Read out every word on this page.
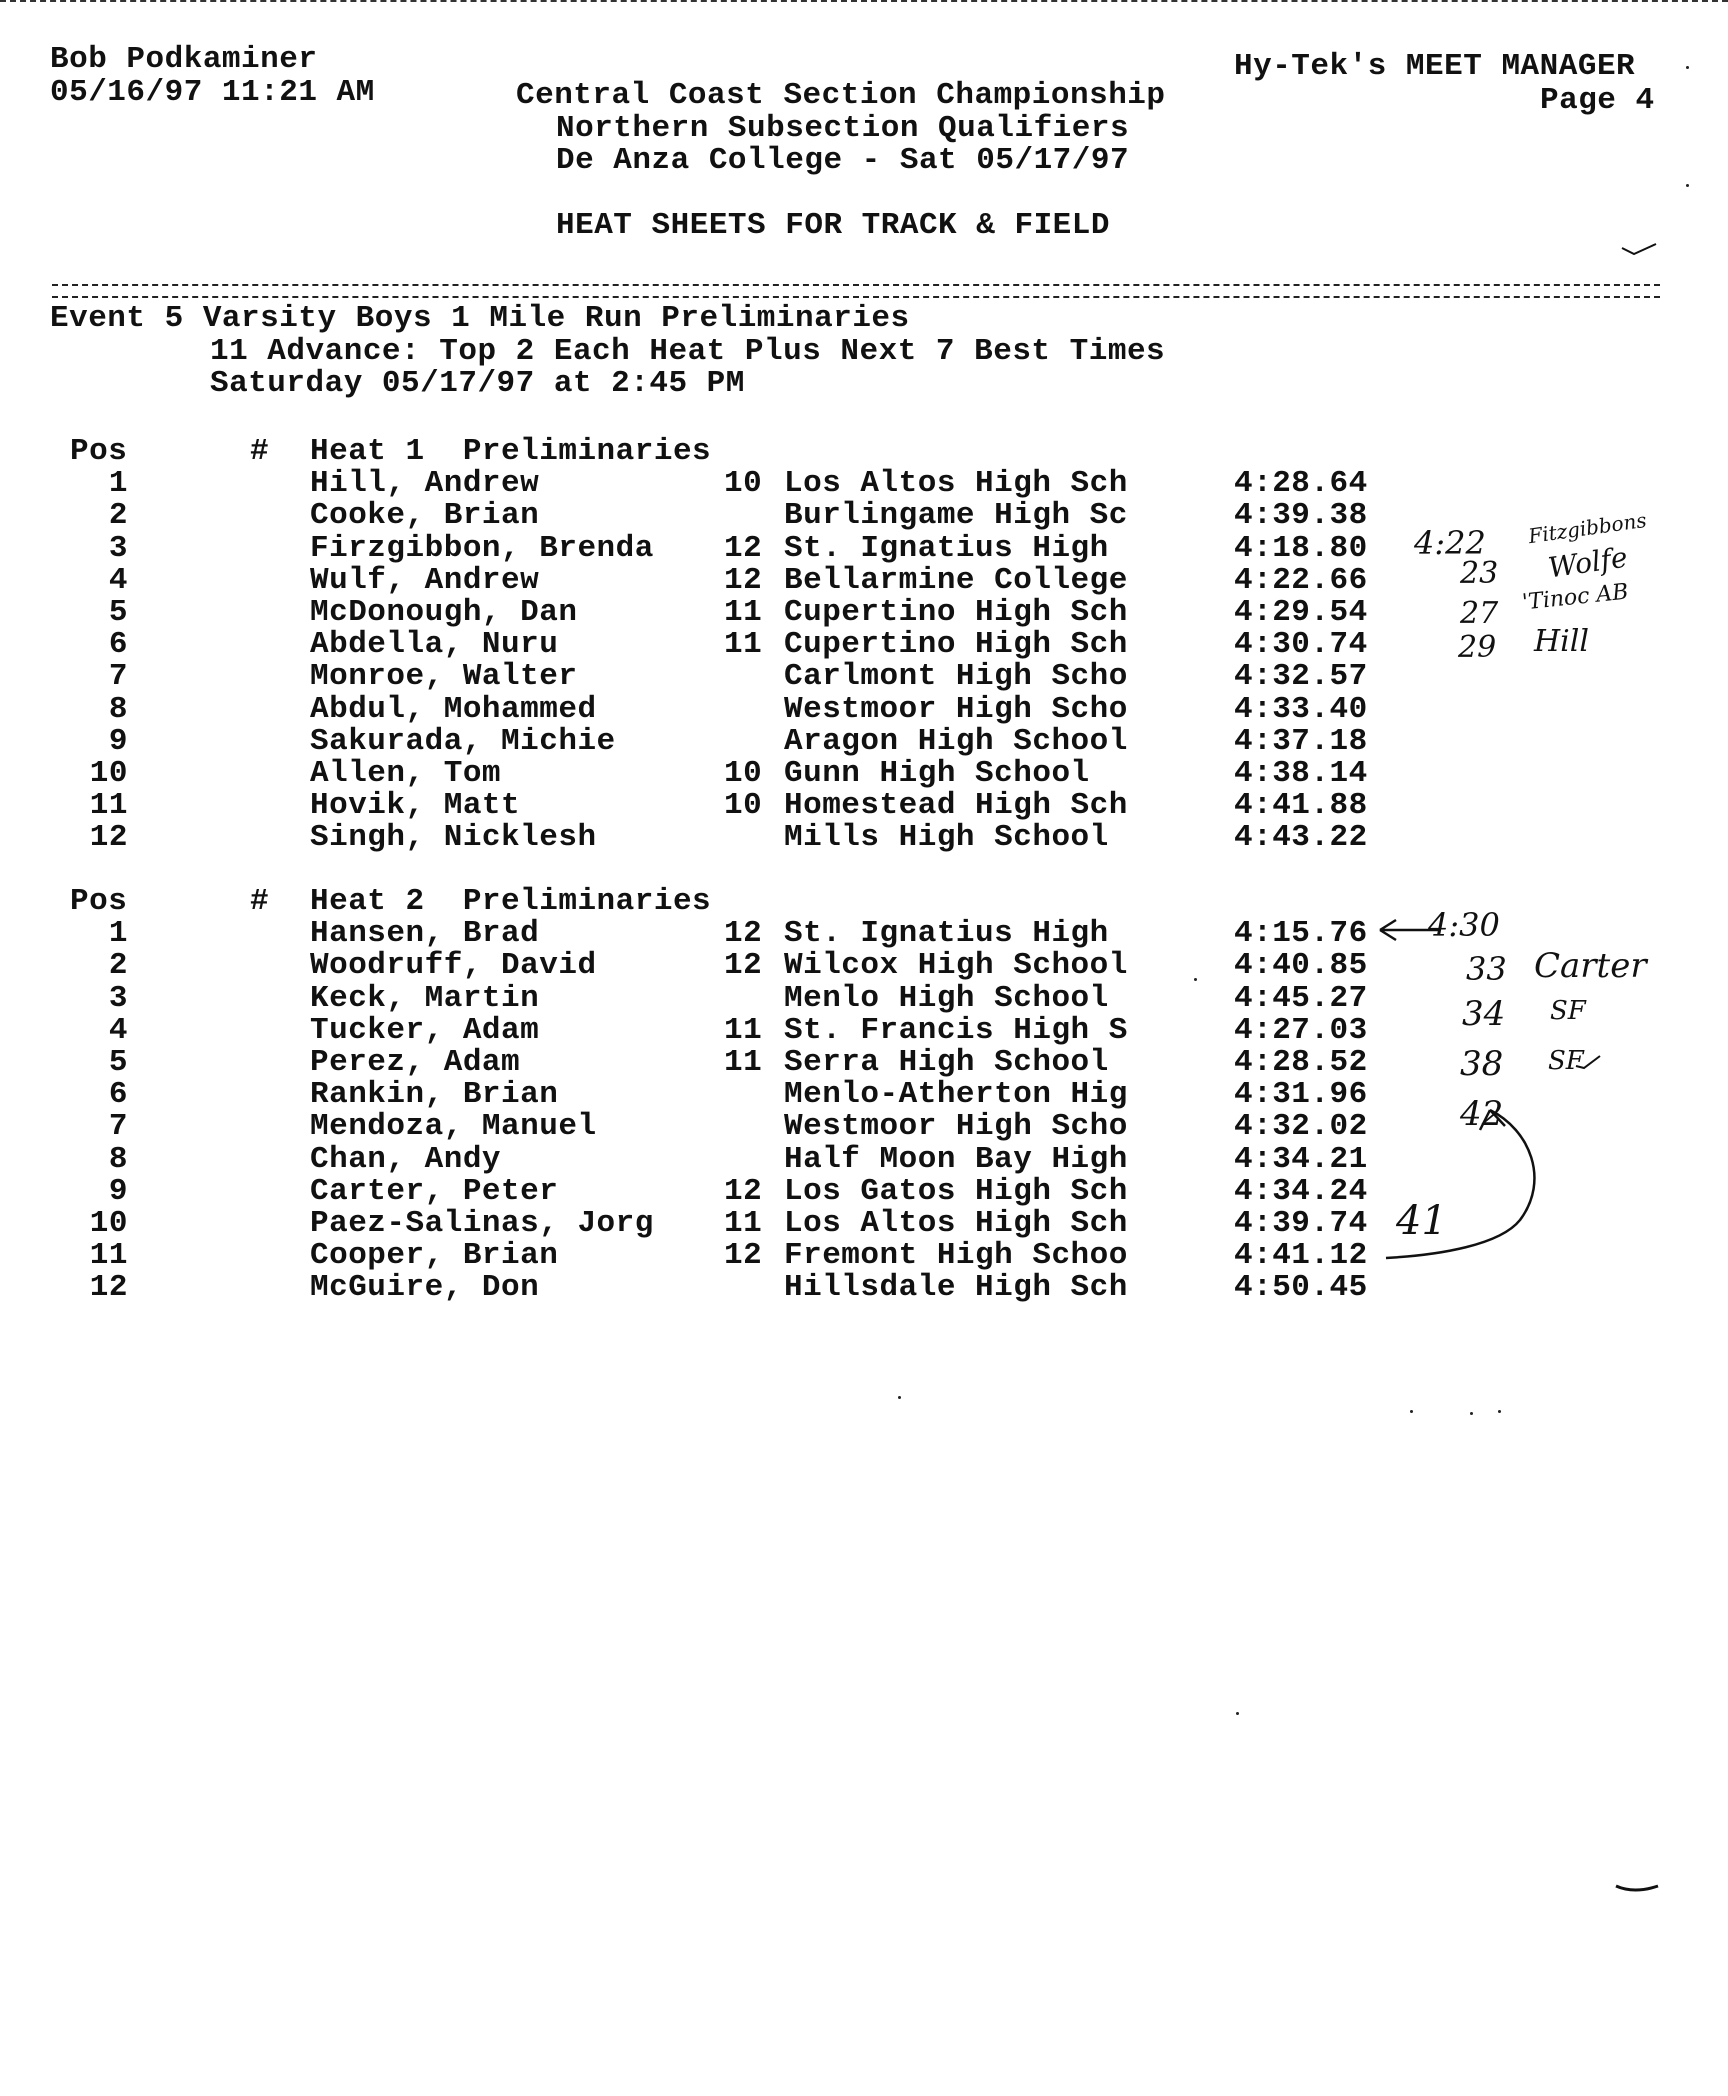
Bob Podkaminer
05/16/97 11:21 AM
Hy-Tek's MEET MANAGER
Page 4
Central Coast Section Championship
Northern Subsection Qualifiers
De Anza College - Sat 05/17/97
HEAT SHEETS FOR TRACK & FIELD
Event 5 Varsity Boys 1 Mile Run Preliminaries
11 Advance: Top 2 Each Heat Plus Next 7 Best Times
Saturday 05/17/97 at 2:45 PM
Pos	# Heat 1  Preliminaries
1	Hill, Andrew	10 Los Altos High Sch	4:28.64
2	Cooke, Brian	Burlingame High Sc	4:39.38
3	Firzgibbon, Brenda 12 St. Ignatius High	4:18.80
4	Wulf, Andrew	12 Bellarmine College	4:22.66
5	McDonough, Dan	11 Cupertino High Sch	4:29.54
6	Abdella, Nuru	11 Cupertino High Sch	4:30.74
7	Monroe, Walter	Carlmont High Scho	4:32.57
8	Abdul, Mohammed	Westmoor High Scho	4:33.40
9	Sakurada, Michie	Aragon High School	4:37.18
10	Allen, Tom	10 Gunn High School	4:38.14
11	Hovik, Matt	10 Homestead High Sch	4:41.88
12	Singh, Nicklesh	Mills High School	4:43.22
Pos	# Heat 2  Preliminaries
1	Hansen, Brad	12 St. Ignatius High	4:15.76
2	Woodruff, David	12 Wilcox High School	4:40.85
3	Keck, Martin	Menlo High School	4:45.27
4	Tucker, Adam	11 St. Francis High S	4:27.03
5	Perez, Adam	11 Serra High School	4:28.52
6	Rankin, Brian	Menlo-Atherton Hig	4:31.96
7	Mendoza, Manuel	Westmoor High Scho	4:32.02
8	Chan, Andy	Half Moon Bay High	4:34.21
9	Carter, Peter	12 Los Gatos High Sch	4:34.24
10	Paez-Salinas, Jorg 11 Los Altos High Sch	4:39.74
11	Cooper, Brian	12 Fremont High Schoo	4:41.12
12	McGuire, Don	Hillsdale High Sch	4:50.45
4:22 Fitzgibbons
23 Wolfe
27 'Tinoc AB
29 Hill
4:30
33 Carter
34 SF
38 SF
42
41
